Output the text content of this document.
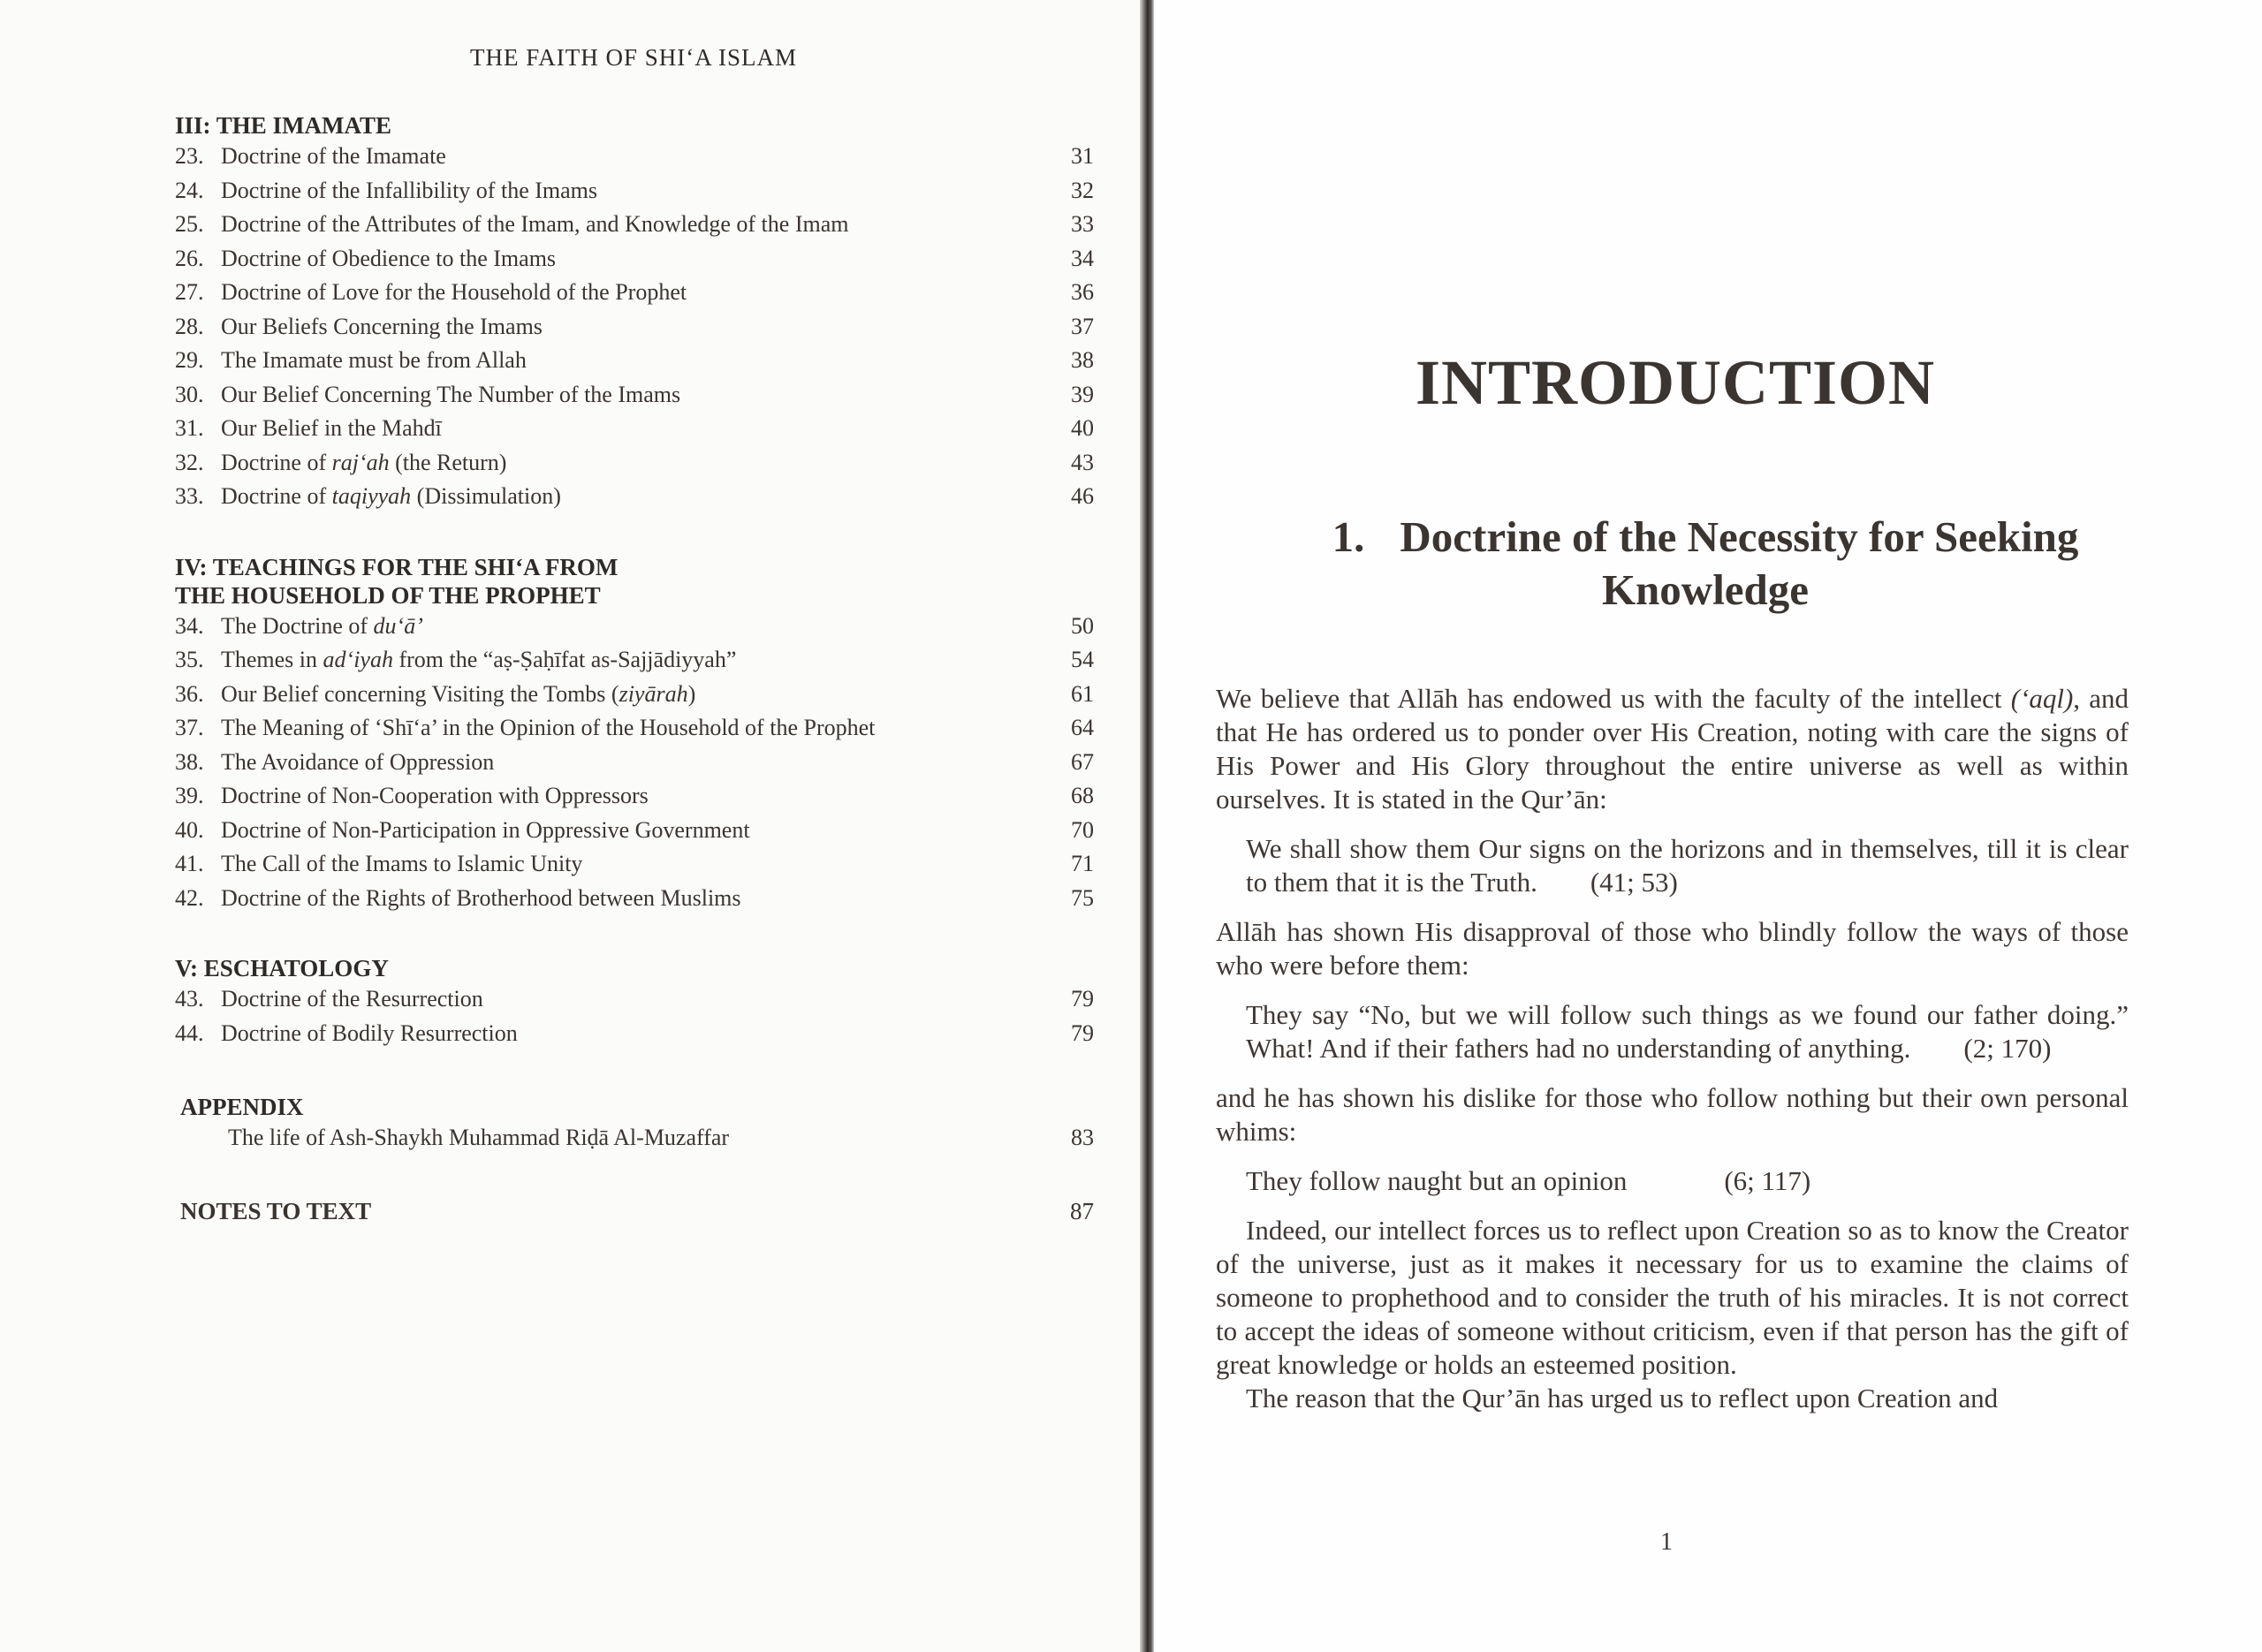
THE FAITH OF SHI‘A ISLAM
III: THE IMAMATE
23. Doctrine of the Imamate	31
24. Doctrine of the Infallibility of the Imams	32
25. Doctrine of the Attributes of the Imam, and Knowledge of the Imam	33
26. Doctrine of Obedience to the Imams	34
27. Doctrine of Love for the Household of the Prophet	36
28. Our Beliefs Concerning the Imams	37
29. The Imamate must be from Allah	38
30. Our Belief Concerning The Number of the Imams	39
31. Our Belief in the Mahdī	40
32. Doctrine of raj‘ah (the Return)	43
33. Doctrine of taqiyyah (Dissimulation)	46
IV: TEACHINGS FOR THE SHI‘A FROM
THE HOUSEHOLD OF THE PROPHET
34. The Doctrine of du‘ā’	50
35. Themes in ad‘iyah from the “aṣ-Ṣaḥīfat as-Sajjādiyyah”	54
36. Our Belief concerning Visiting the Tombs (ziyārah)	61
37. The Meaning of ‘Shī‘a’ in the Opinion of the Household of the Prophet	64
38. The Avoidance of Oppression	67
39. Doctrine of Non-Cooperation with Oppressors	68
40. Doctrine of Non-Participation in Oppressive Government	70
41. The Call of the Imams to Islamic Unity	71
42. Doctrine of the Rights of Brotherhood between Muslims	75
V: ESCHATOLOGY
43. Doctrine of the Resurrection	79
44. Doctrine of Bodily Resurrection	79
APPENDIX
The life of Ash-Shaykh Muhammad Riḍā Al-Muzaffar	83
NOTES TO TEXT	87
INTRODUCTION
1. Doctrine of the Necessity for Seeking
Knowledge

We believe that Allāh has endowed us with the faculty of the intellect (‘aql), and that He has ordered us to ponder over His Creation, noting with care the signs of His Power and His Glory throughout the entire universe as well as within ourselves. It is stated in the Qur’ān:

We shall show them Our signs on the horizons and in themselves, till it is clear to them that it is the Truth. (41; 53)

Allāh has shown His disapproval of those who blindly follow the ways of those who were before them:

They say “No, but we will follow such things as we found our father doing.” What! And if their fathers had no understanding of anything. (2; 170)

and he has shown his dislike for those who follow nothing but their own personal whims:

They follow naught but an opinion	(6; 117)

Indeed, our intellect forces us to reflect upon Creation so as to know the Creator of the universe, just as it makes it necessary for us to examine the claims of someone to prophethood and to consider the truth of his miracles. It is not correct to accept the ideas of someone without criticism, even if that person has the gift of great knowledge or holds an esteemed position.

The reason that the Qur’ān has urged us to reflect upon Creation and

1
